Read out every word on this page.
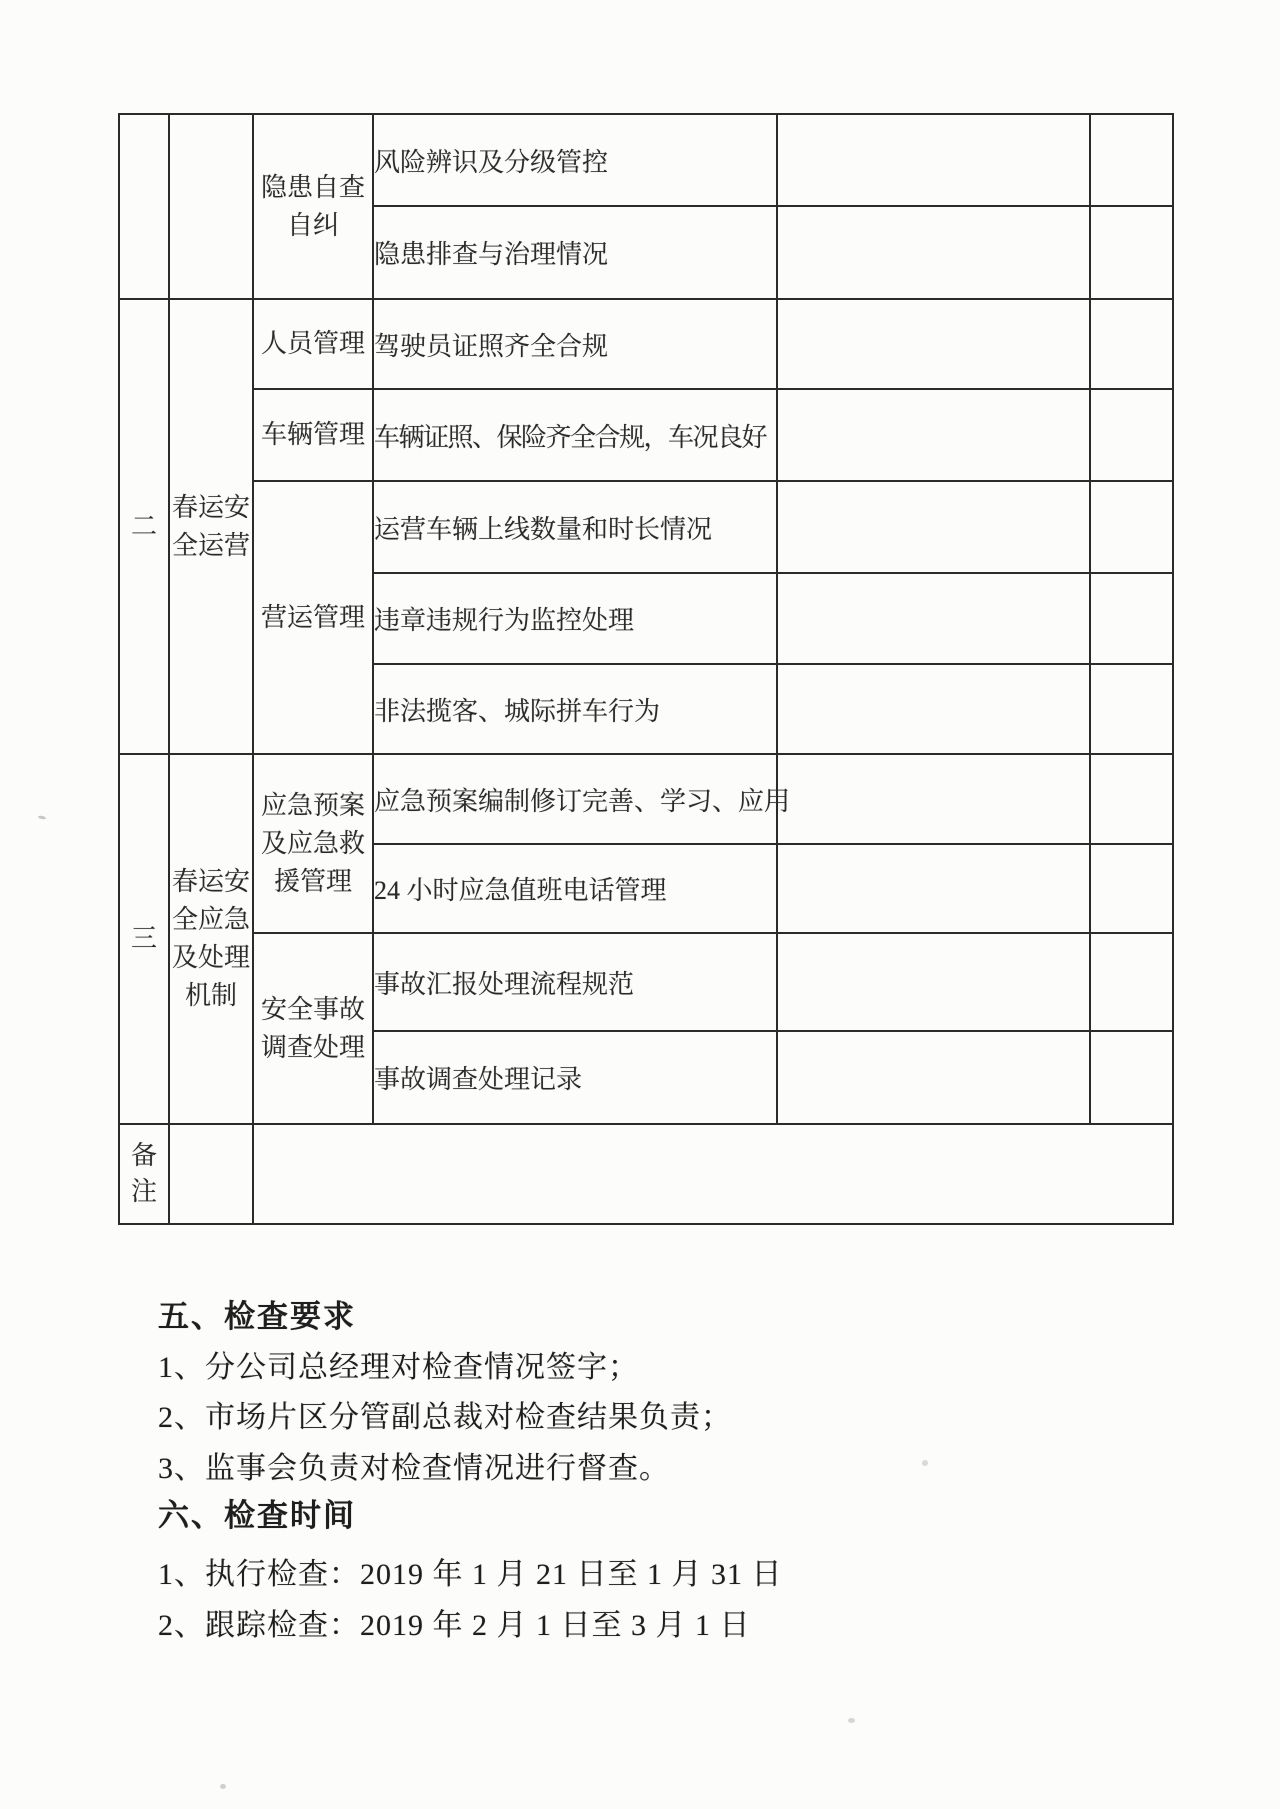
		隐患自查自纠	风险辨识及分级管控		
			隐患排查与治理情况		
二	春运安全运营	人员管理	驾驶员证照齐全合规		
		车辆管理	车辆证照、保险齐全合规，车况良好		
		营运管理	运营车辆上线数量和时长情况		
			违章违规行为监控处理		
			非法揽客、城际拼车行为		
三	春运安全应急及处理机制	应急预案及应急救援管理	应急预案编制修订完善、学习、应用		
			24 小时应急值班电话管理		
		安全事故调查处理	事故汇报处理流程规范		
			事故调查处理记录		
备注					
五、检查要求
1、分公司总经理对检查情况签字；
2、市场片区分管副总裁对检查结果负责；
3、监事会负责对检查情况进行督查。
六、检查时间
1、执行检查：2019 年 1 月 21 日至 1 月 31 日
2、跟踪检查：2019 年 2 月 1 日至 3 月 1 日
